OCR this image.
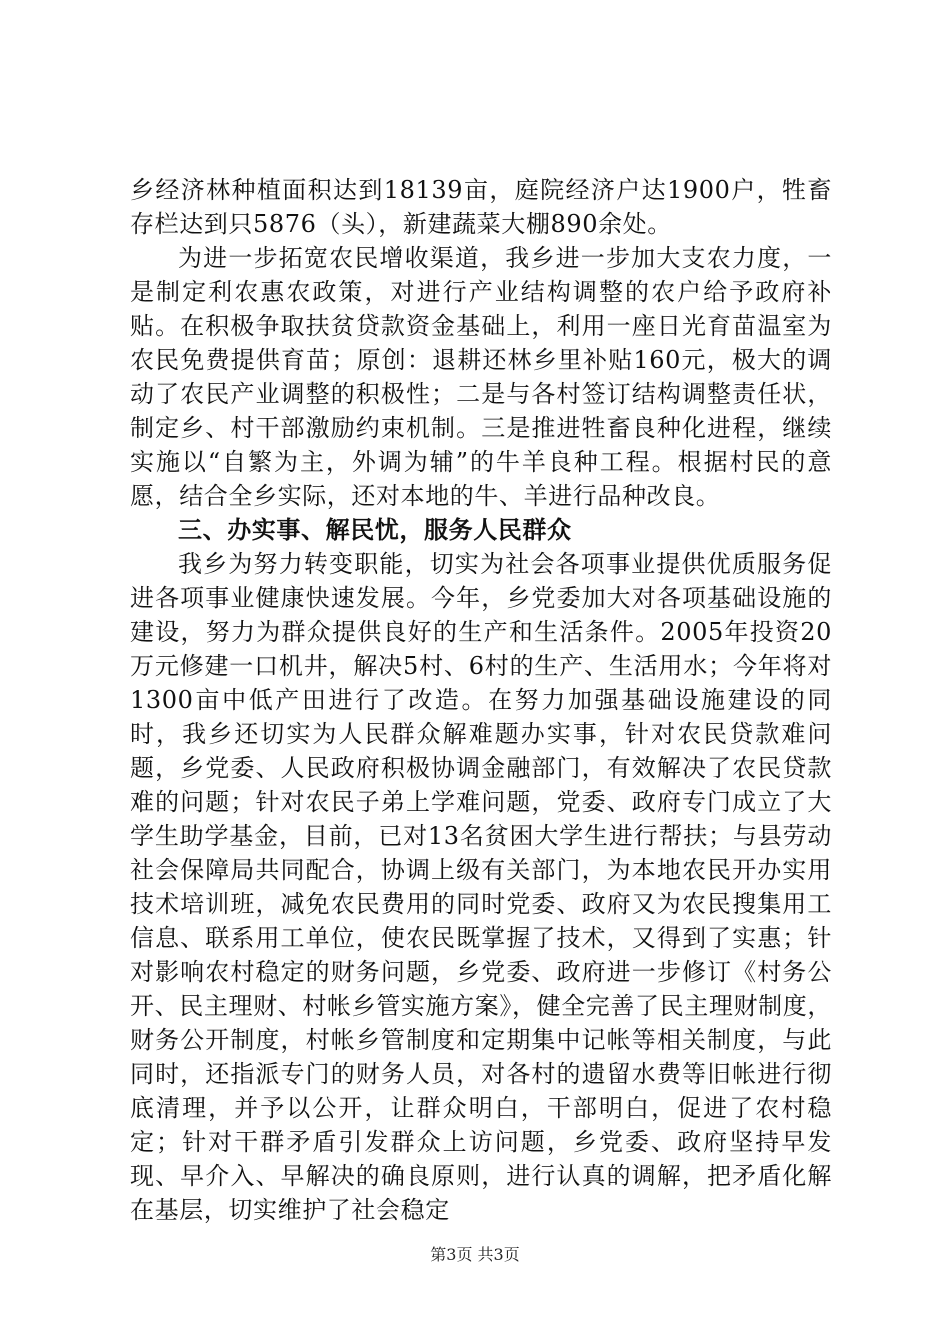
乡经济林种植面积达到18139亩，庭院经济户达1900户，牲畜存栏达到只5876（头），新建蔬菜大棚890余处。

为进一步拓宽农民增收渠道，我乡进一步加大支农力度，一是制定利农惠农政策，对进行产业结构调整的农户给予政府补贴。在积极争取扶贫贷款资金基础上，利用一座日光育苗温室为农民免费提供育苗；原创：退耕还林乡里补贴160元，极大的调动了农民产业调整的积极性；二是与各村签订结构调整责任状，制定乡、村干部激励约束机制。三是推进牲畜良种化进程，继续实施以“自繁为主，外调为辅”的牛羊良种工程。根据村民的意愿，结合全乡实际，还对本地的牛、羊进行品种改良。

三、办实事、解民忧，服务人民群众

我乡为努力转变职能，切实为社会各项事业提供优质服务促进各项事业健康快速发展。今年，乡党委加大对各项基础设施的建设，努力为群众提供良好的生产和生活条件。2005年投资20万元修建一口机井，解决5村、6村的生产、生活用水；今年将对1300亩中低产田进行了改造。在努力加强基础设施建设的同时，我乡还切实为人民群众解难题办实事，针对农民贷款难问题，乡党委、人民政府积极协调金融部门，有效解决了农民贷款难的问题；针对农民子弟上学难问题，党委、政府专门成立了大学生助学基金，目前，已对13名贫困大学生进行帮扶；与县劳动社会保障局共同配合，协调上级有关部门，为本地农民开办实用技术培训班，减免农民费用的同时党委、政府又为农民搜集用工信息、联系用工单位，使农民既掌握了技术，又得到了实惠；针对影响农村稳定的财务问题，乡党委、政府进一步修订《村务公开、民主理财、村帐乡管实施方案》，健全完善了民主理财制度，财务公开制度，村帐乡管制度和定期集中记帐等相关制度，与此同时，还指派专门的财务人员，对各村的遗留水费等旧帐进行彻底清理，并予以公开，让群众明白，干部明白，促进了农村稳定；针对干群矛盾引发群众上访问题，乡党委、政府坚持早发现、早介入、早解决的确良原则，进行认真的调解，把矛盾化解在基层，切实维护了社会稳定

第3页 共3页
